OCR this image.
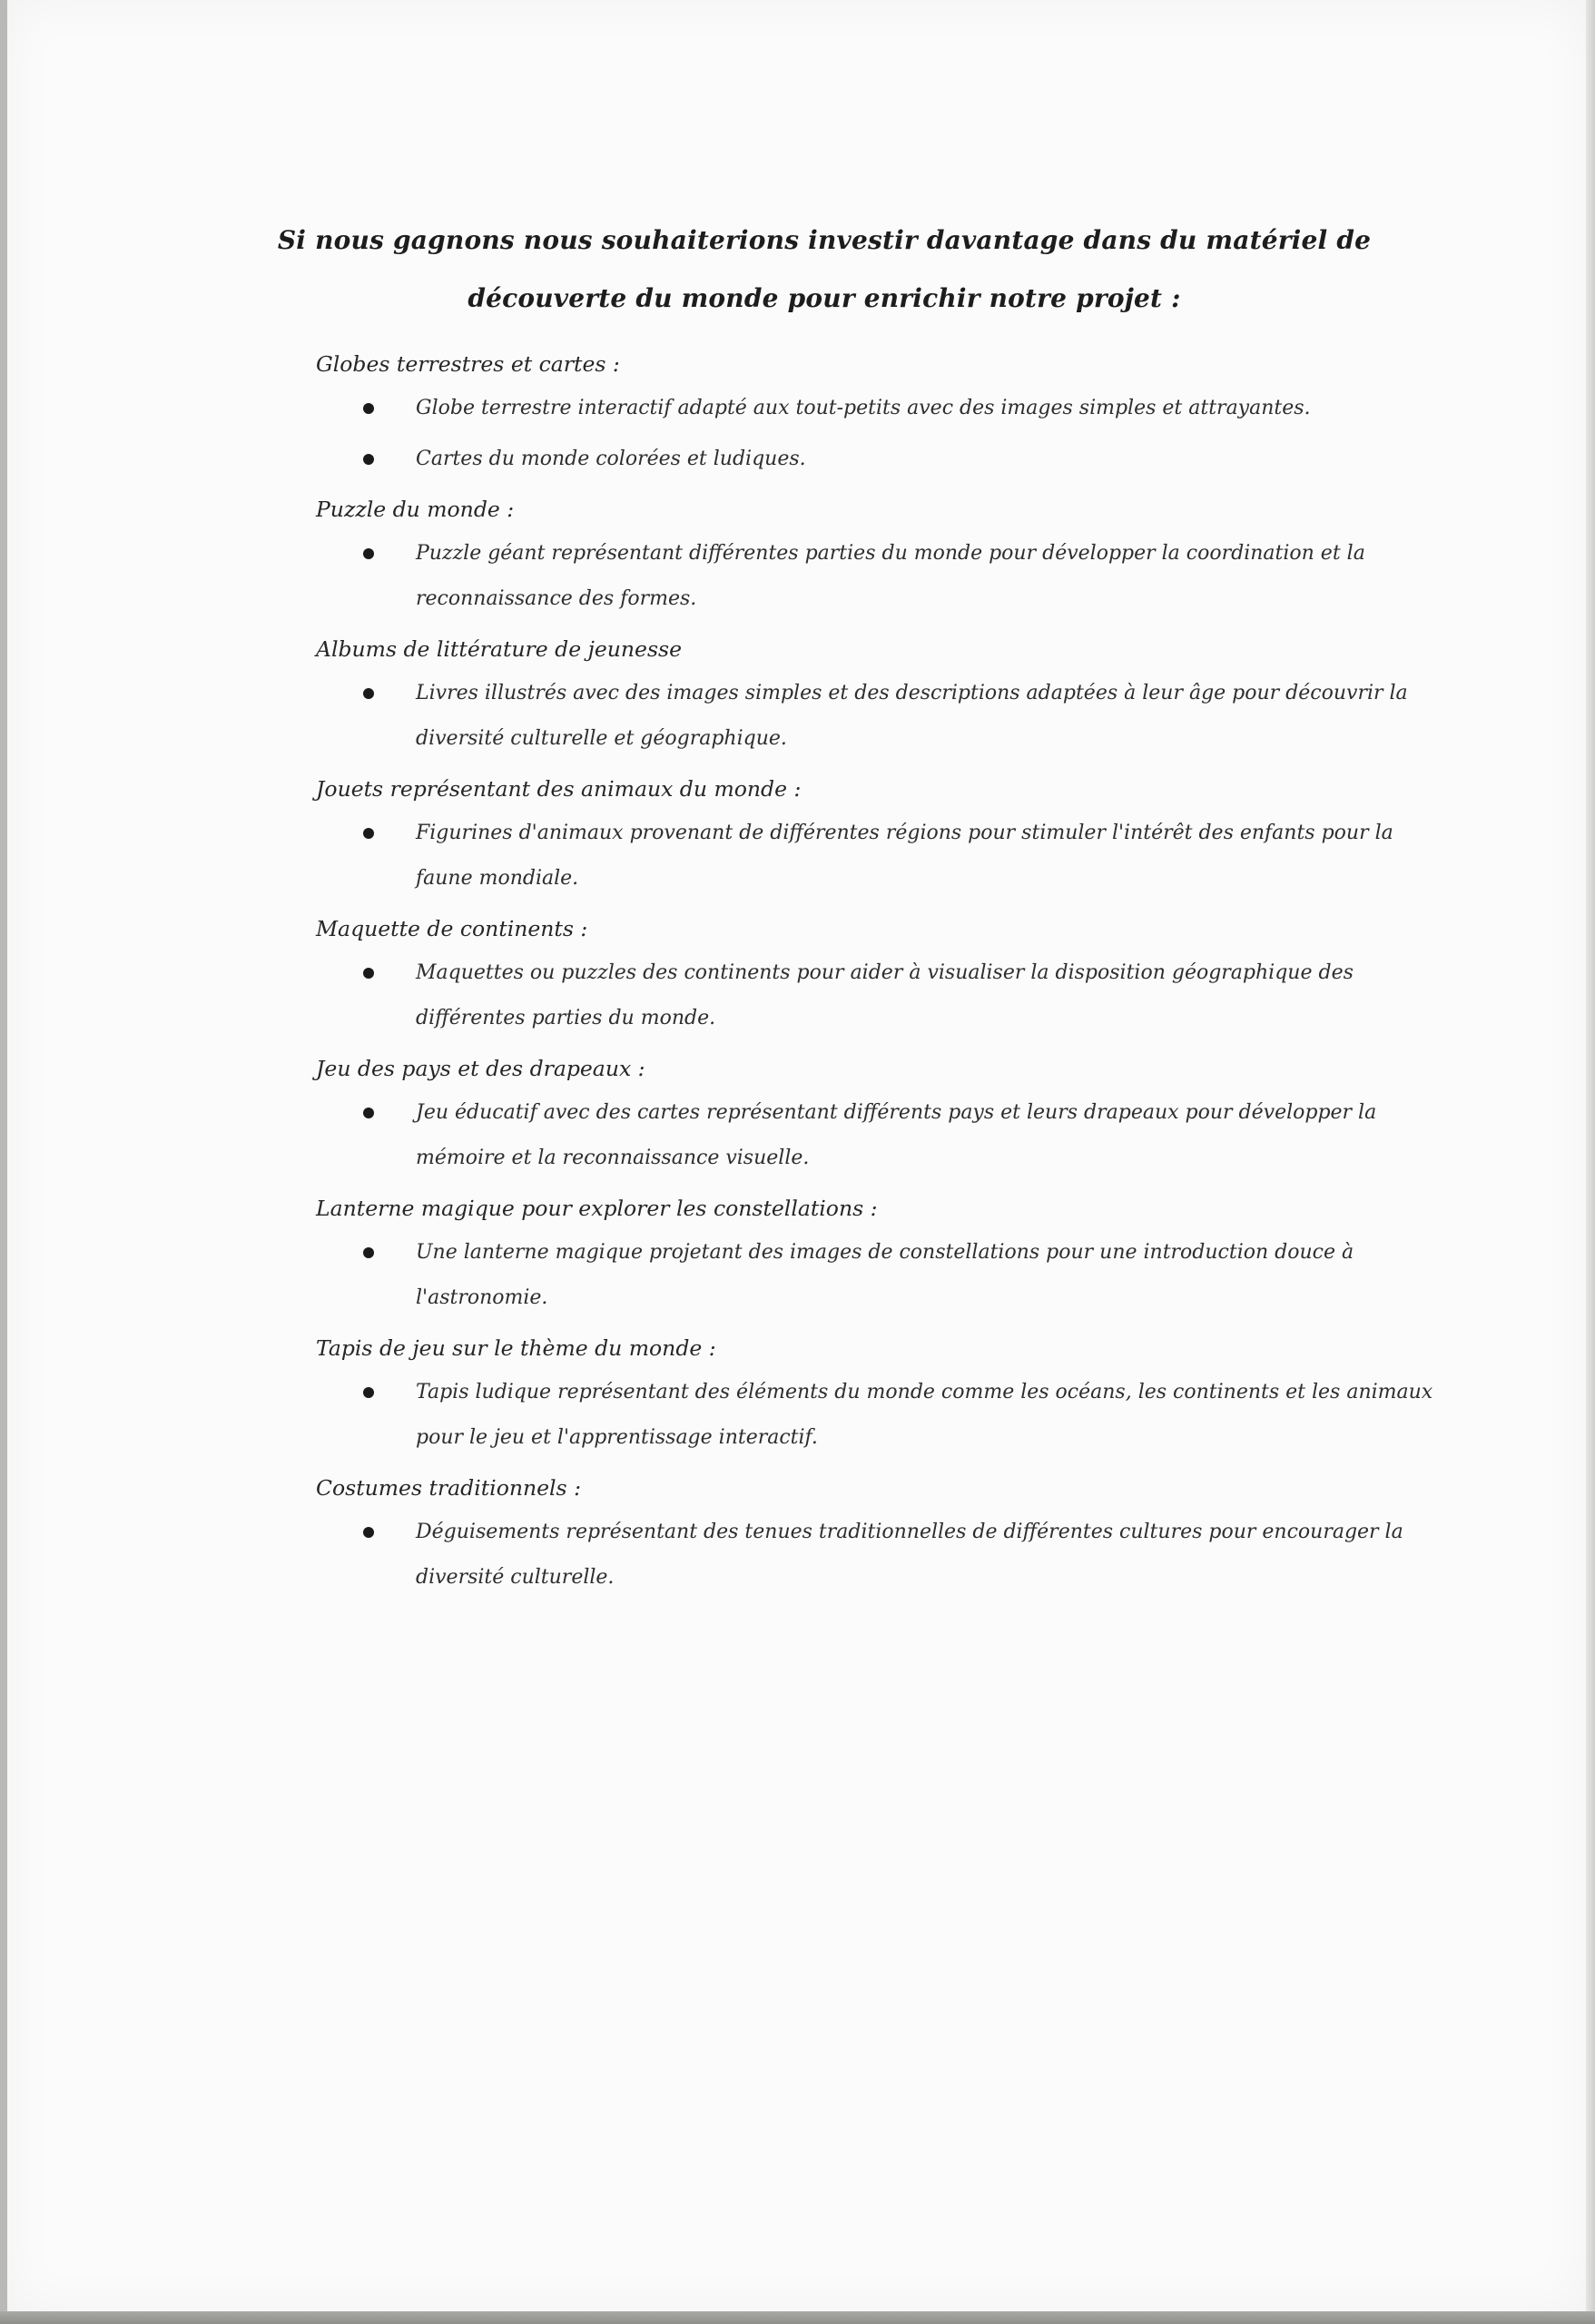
Si nous gagnons nous souhaiterions investir davantage dans du matériel de découverte du monde pour enrichir notre projet :

Globes terrestres et cartes :

Globe terrestre interactif adapté aux tout-petits avec des images simples et attrayantes.
Cartes du monde colorées et ludiques.

Puzzle du monde :

Puzzle géant représentant différentes parties du monde pour développer la coordination et la reconnaissance des formes.

Albums de littérature de jeunesse

Livres illustrés avec des images simples et des descriptions adaptées à leur âge pour découvrir la diversité culturelle et géographique.

Jouets représentant des animaux du monde :

Figurines d'animaux provenant de différentes régions pour stimuler l'intérêt des enfants pour la faune mondiale.

Maquette de continents :

Maquettes ou puzzles des continents pour aider à visualiser la disposition géographique des différentes parties du monde.

Jeu des pays et des drapeaux :

Jeu éducatif avec des cartes représentant différents pays et leurs drapeaux pour développer la mémoire et la reconnaissance visuelle.

Lanterne magique pour explorer les constellations :

Une lanterne magique projetant des images de constellations pour une introduction douce à l'astronomie.

Tapis de jeu sur le thème du monde :

Tapis ludique représentant des éléments du monde comme les océans, les continents et les animaux pour le jeu et l'apprentissage interactif.

Costumes traditionnels :

Déguisements représentant des tenues traditionnelles de différentes cultures pour encourager la diversité culturelle.
